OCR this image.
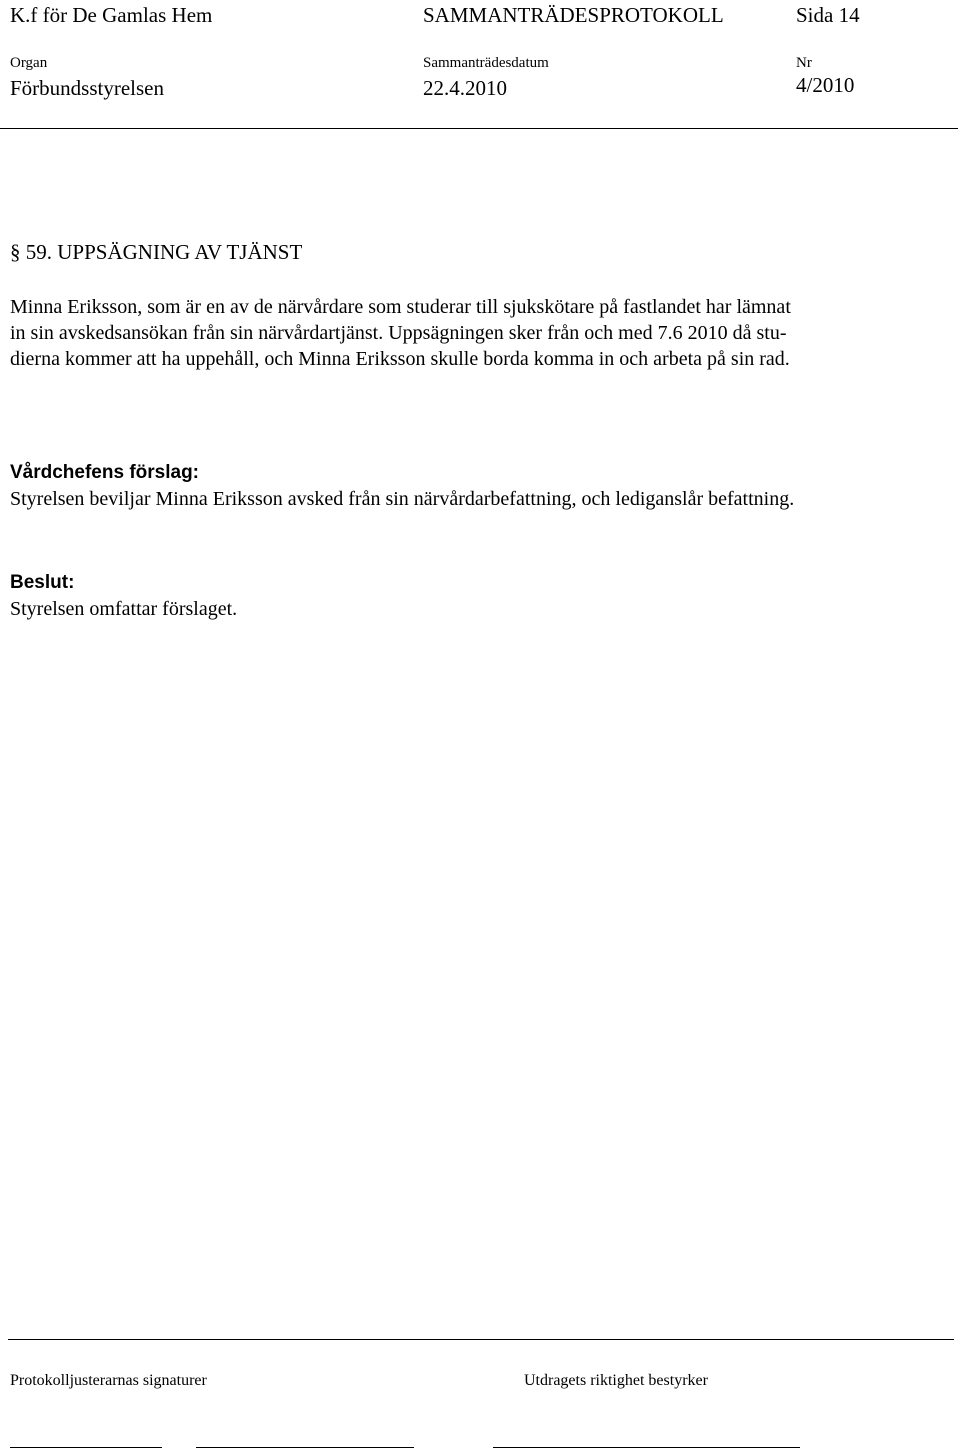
K.f för De Gamlas Hem	SAMMANTRÄDESPROTOKOLL	Sida 14
Organ	Sammanträdesdatum	Nr
Förbundsstyrelsen	22.4.2010	4/2010
§ 59. UPPSÄGNING AV TJÄNST
Minna Eriksson, som är en av de närvårdare som studerar till sjukskötare på fastlandet har lämnat
in sin avskedsansökan från sin närvårdartjänst. Uppsägningen sker från och med 7.6 2010 då stu-
dierna kommer att ha uppehåll, och Minna Eriksson skulle borda komma in och arbeta på sin rad.
Vårdchefens förslag:
Styrelsen beviljar Minna Eriksson avsked från sin närvårdarbefattning, och lediganslår befattning.
Beslut:
Styrelsen omfattar förslaget.
Protokolljusterarnas signaturer	Utdragets riktighet bestyrker
